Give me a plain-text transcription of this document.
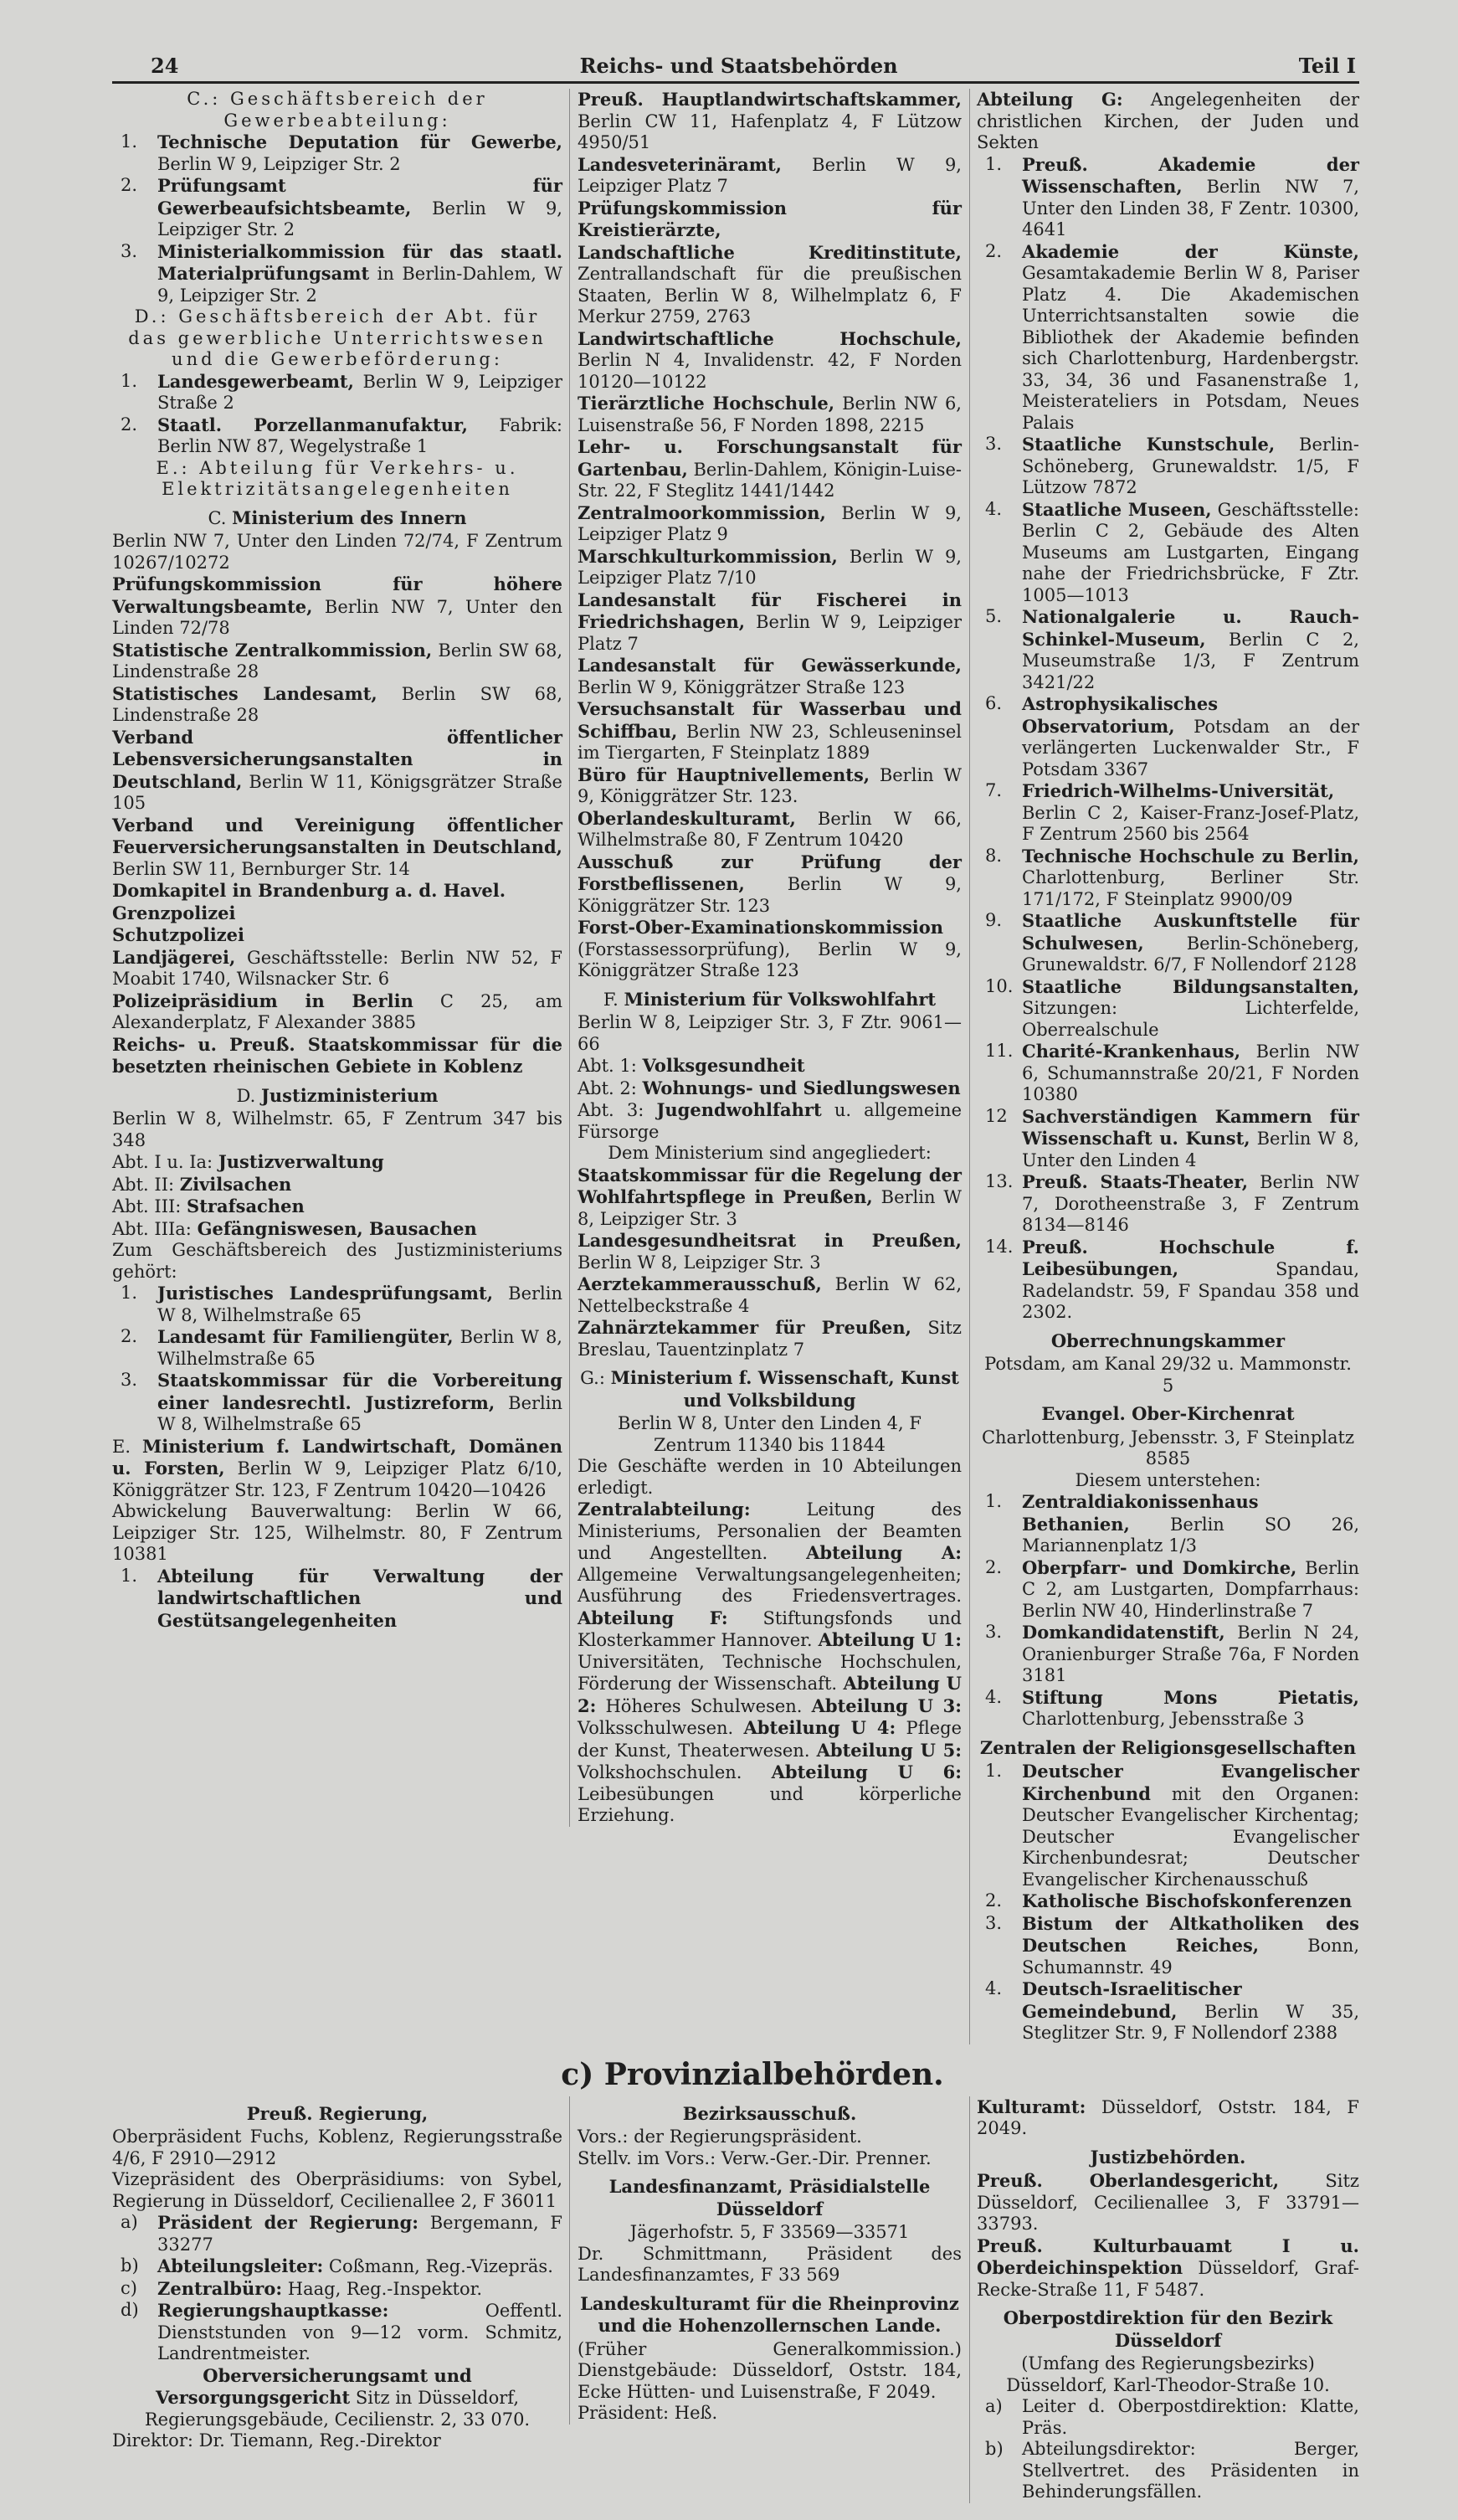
24	Reichs- und Staatsbehörden	Teil I

C.: Geschäftsbereich der Gewerbeabteilung:

1. Technische Deputation für Gewerbe, Berlin W 9, Leipziger Str. 2

2. Prüfungsamt für Gewerbeaufsichtsbeamte, Berlin W 9, Leipziger Str. 2

3. Ministerialkommission für das staatl. Materialprüfungsamt in Berlin-Dahlem, W 9, Leipziger Str. 2

D.: Geschäftsbereich der Abt. für das gewerbliche Unterrichtswesen und die Gewerbeförderung:

1. Landesgewerbeamt, Berlin W 9, Leipziger Straße 2

2. Staatl. Porzellanmanufaktur, Fabrik: Berlin NW 87, Wegelystraße 1

E.: Abteilung für Verkehrs- u. Elektrizitätsangelegenheiten

C. Ministerium des Innern

Berlin NW 7, Unter den Linden 72/74, F Zentrum 10267/10272

Prüfungskommission für höhere Verwaltungsbeamte, Berlin NW 7, Unter den Linden 72/78

Statistische Zentralkommission, Berlin SW 68, Lindenstraße 28

Statistisches Landesamt, Berlin SW 68, Lindenstraße 28

Verband öffentlicher Lebensversicherungsanstalten in Deutschland, Berlin W 11, Königsgrätzer Straße 105

Verband und Vereinigung öffentlicher Feuerversicherungsanstalten in Deutschland, Berlin SW 11, Bernburger Str. 14

Domkapitel in Brandenburg a. d. Havel.

Grenzpolizei

Schutzpolizei

Landjägerei, Geschäftsstelle: Berlin NW 52, F Moabit 1740, Wilsnacker Str. 6

Polizeipräsidium in Berlin C 25, am Alexanderplatz, F Alexander 3885

Reichs- u. Preuß. Staatskommissar für die besetzten rheinischen Gebiete in Koblenz

D. Justizministerium

Berlin W 8, Wilhelmstr. 65, F Zentrum 347 bis 348

Abt. I u. Ia: Justizverwaltung

Abt. II: Zivilsachen

Abt. III: Strafsachen

Abt. IIIa: Gefängniswesen, Bausachen

Zum Geschäftsbereich des Justizministeriums gehört:

1. Juristisches Landesprüfungsamt, Berlin W 8, Wilhelmstraße 65

2. Landesamt für Familiengüter, Berlin W 8, Wilhelmstraße 65

3. Staatskommissar für die Vorbereitung einer landesrechtl. Justizreform, Berlin W 8, Wilhelmstraße 65

E. Ministerium f. Landwirtschaft, Domänen u. Forsten, Berlin W 9, Leipziger Platz 6/10, Königgrätzer Str. 123, F Zentrum 10420—10426

Abwickelung Bauverwaltung: Berlin W 66, Leipziger Str. 125, Wilhelmstr. 80, F Zentrum 10381

1. Abteilung für Verwaltung der landwirtschaftlichen und Gestütsangelegenheiten

Preuß. Hauptlandwirtschaftskammer, Berlin CW 11, Hafenplatz 4, F Lützow 4950/51

Landesveterinäramt, Berlin W 9, Leipziger Platz 7

Prüfungskommission für Kreistierärzte,

Landschaftliche Kreditinstitute, Zentrallandschaft für die preußischen Staaten, Berlin W 8, Wilhelmplatz 6, F Merkur 2759, 2763

Landwirtschaftliche Hochschule, Berlin N 4, Invalidenstr. 42, F Norden 10120—10122

Tierärztliche Hochschule, Berlin NW 6, Luisenstraße 56, F Norden 1898, 2215

Lehr- u. Forschungsanstalt für Gartenbau, Berlin-Dahlem, Königin-Luise-Str. 22, F Steglitz 1441/1442

Zentralmoorkommission, Berlin W 9, Leipziger Platz 9

Marschkulturkommission, Berlin W 9, Leipziger Platz 7/10

Landesanstalt für Fischerei in Friedrichshagen, Berlin W 9, Leipziger Platz 7

Landesanstalt für Gewässerkunde, Berlin W 9, Königgrätzer Straße 123

Versuchsanstalt für Wasserbau und Schiffbau, Berlin NW 23, Schleuseninsel im Tiergarten, F Steinplatz 1889

Büro für Hauptnivellements, Berlin W 9, Königgrätzer Str. 123.

Oberlandeskulturamt, Berlin W 66, Wilhelmstraße 80, F Zentrum 10420

Ausschuß zur Prüfung der Forstbeflissenen, Berlin W 9, Königgrätzer Str. 123

Forst-Ober-Examinationskommission (Forstassessorprüfung), Berlin W 9, Königgrätzer Straße 123

F. Ministerium für Volkswohlfahrt

Berlin W 8, Leipziger Str. 3, F Ztr. 9061—66

Abt. 1: Volksgesundheit

Abt. 2: Wohnungs- und Siedlungswesen

Abt. 3: Jugendwohlfahrt u. allgemeine Fürsorge

Dem Ministerium sind angegliedert:

Staatskommissar für die Regelung der Wohlfahrtspflege in Preußen, Berlin W 8, Leipziger Str. 3

Landesgesundheitsrat in Preußen, Berlin W 8, Leipziger Str. 3

Aerztekammerausschuß, Berlin W 62, Nettelbeckstraße 4

Zahnärztekammer für Preußen, Sitz Breslau, Tauentzinplatz 7

G.: Ministerium f. Wissenschaft, Kunst und Volksbildung

Berlin W 8, Unter den Linden 4, F Zentrum 11340 bis 11844

Die Geschäfte werden in 10 Abteilungen erledigt.

Zentralabteilung: Leitung des Ministeriums, Personalien der Beamten und Angestellten. Abteilung A: Allgemeine Verwaltungsangelegenheiten; Ausführung des Friedensvertrages. Abteilung F: Stiftungsfonds und Klosterkammer Hannover. Abteilung U 1: Universitäten, Technische Hochschulen, Förderung der Wissenschaft. Abteilung U 2: Höheres Schulwesen. Abteilung U 3: Volksschulwesen. Abteilung U 4: Pflege der Kunst, Theaterwesen. Abteilung U 5: Volkshochschulen. Abteilung U 6: Leibesübungen und körperliche Erziehung.

Abteilung G: Angelegenheiten der christlichen Kirchen, der Juden und Sekten

1. Preuß. Akademie der Wissenschaften, Berlin NW 7, Unter den Linden 38, F Zentr. 10300, 4641

2. Akademie der Künste, Gesamtakademie Berlin W 8, Pariser Platz 4. Die Akademischen Unterrichtsanstalten sowie die Bibliothek der Akademie befinden sich Charlottenburg, Hardenbergstr. 33, 34, 36 und Fasanenstraße 1, Meisterateliers in Potsdam, Neues Palais

3. Staatliche Kunstschule, Berlin-Schöneberg, Grunewaldstr. 1/5, F Lützow 7872

4. Staatliche Museen, Geschäftsstelle: Berlin C 2, Gebäude des Alten Museums am Lustgarten, Eingang nahe der Friedrichsbrücke, F Ztr. 1005—1013

5. Nationalgalerie u. Rauch-Schinkel-Museum, Berlin C 2, Museumstraße 1/3, F Zentrum 3421/22

6. Astrophysikalisches Observatorium, Potsdam an der verlängerten Luckenwalder Str., F Potsdam 3367

7. Friedrich-Wilhelms-Universität, Berlin C 2, Kaiser-Franz-Josef-Platz, F Zentrum 2560 bis 2564

8. Technische Hochschule zu Berlin, Charlottenburg, Berliner Str. 171/172, F Steinplatz 9900/09

9. Staatliche Auskunftstelle für Schulwesen, Berlin-Schöneberg, Grunewaldstr. 6/7, F Nollendorf 2128

10. Staatliche Bildungsanstalten, Sitzungen: Lichterfelde, Oberrealschule

11. Charité-Krankenhaus, Berlin NW 6, Schumannstraße 20/21, F Norden 10380

12 Sachverständigen Kammern für Wissenschaft u. Kunst, Berlin W 8, Unter den Linden 4

13. Preuß. Staats-Theater, Berlin NW 7, Dorotheenstraße 3, F Zentrum 8134—8146

14. Preuß. Hochschule f. Leibesübungen, Spandau, Radelandstr. 59, F Spandau 358 und 2302.

Oberrechnungskammer

Potsdam, am Kanal 29/32 u. Mammonstr. 5

Evangel. Ober-Kirchenrat

Charlottenburg, Jebensstr. 3, F Steinplatz 8585

Diesem unterstehen:

1. Zentraldiakonissenhaus Bethanien, Berlin SO 26, Mariannenplatz 1/3

2. Oberpfarr- und Domkirche, Berlin C 2, am Lustgarten, Dompfarrhaus: Berlin NW 40, Hinderlinstraße 7

3. Domkandidatenstift, Berlin N 24, Oranienburger Straße 76a, F Norden 3181

4. Stiftung Mons Pietatis, Charlottenburg, Jebensstraße 3

Zentralen der Religionsgesellschaften

1. Deutscher Evangelischer Kirchenbund mit den Organen: Deutscher Evangelischer Kirchentag; Deutscher Evangelischer Kirchenbundesrat; Deutscher Evangelischer Kirchenausschuß

2. Katholische Bischofskonferenzen

3. Bistum der Altkatholiken des Deutschen Reiches, Bonn, Schumannstr. 49

4. Deutsch-Israelitischer Gemeindebund, Berlin W 35, Steglitzer Str. 9, F Nollendorf 2388

c) Provinzialbehörden.

Preuß. Regierung,

Oberpräsident Fuchs, Koblenz, Regierungsstraße 4/6, F 2910—2912

Vizepräsident des Oberpräsidiums: von Sybel, Regierung in Düsseldorf, Cecilienallee 2, F 36011

a) Präsident der Regierung: Bergemann, F 33277

b) Abteilungsleiter: Coßmann, Reg.-Vizepräs.

c) Zentralbüro: Haag, Reg.-Inspektor.

d) Regierungshauptkasse: Oeffentl. Dienststunden von 9—12 vorm. Schmitz, Landrentmeister.

Oberversicherungsamt und Versorgungsgericht Sitz in Düsseldorf, Regierungsgebäude, Cecilienstr. 2, 33 070.

Direktor: Dr. Tiemann, Reg.-Direktor

Bezirksausschuß.

Vors.: der Regierungspräsident.

Stellv. im Vors.: Verw.-Ger.-Dir. Prenner.

Landesfinanzamt, Präsidialstelle Düsseldorf

Jägerhofstr. 5, F 33569—33571

Dr. Schmittmann, Präsident des Landesfinanzamtes, F 33 569

Landeskulturamt für die Rheinprovinz und die Hohenzollernschen Lande.

(Früher Generalkommission.) Dienstgebäude: Düsseldorf, Oststr. 184, Ecke Hütten- und Luisenstraße, F 2049.

Präsident: Heß.

Kulturamt: Düsseldorf, Oststr. 184, F 2049.

Justizbehörden.

Preuß. Oberlandesgericht, Sitz Düsseldorf, Cecilienallee 3, F 33791—33793.

Preuß. Kulturbauamt I u. Oberdeichinspektion Düsseldorf, Graf-Recke-Straße 11, F 5487.

Oberpostdirektion für den Bezirk Düsseldorf

(Umfang des Regierungsbezirks)

Düsseldorf, Karl-Theodor-Straße 10.

a) Leiter d. Oberpostdirektion: Klatte, Präs.

b) Abteilungsdirektor: Berger, Stellvertret. des Präsidenten in Behinderungsfällen.
